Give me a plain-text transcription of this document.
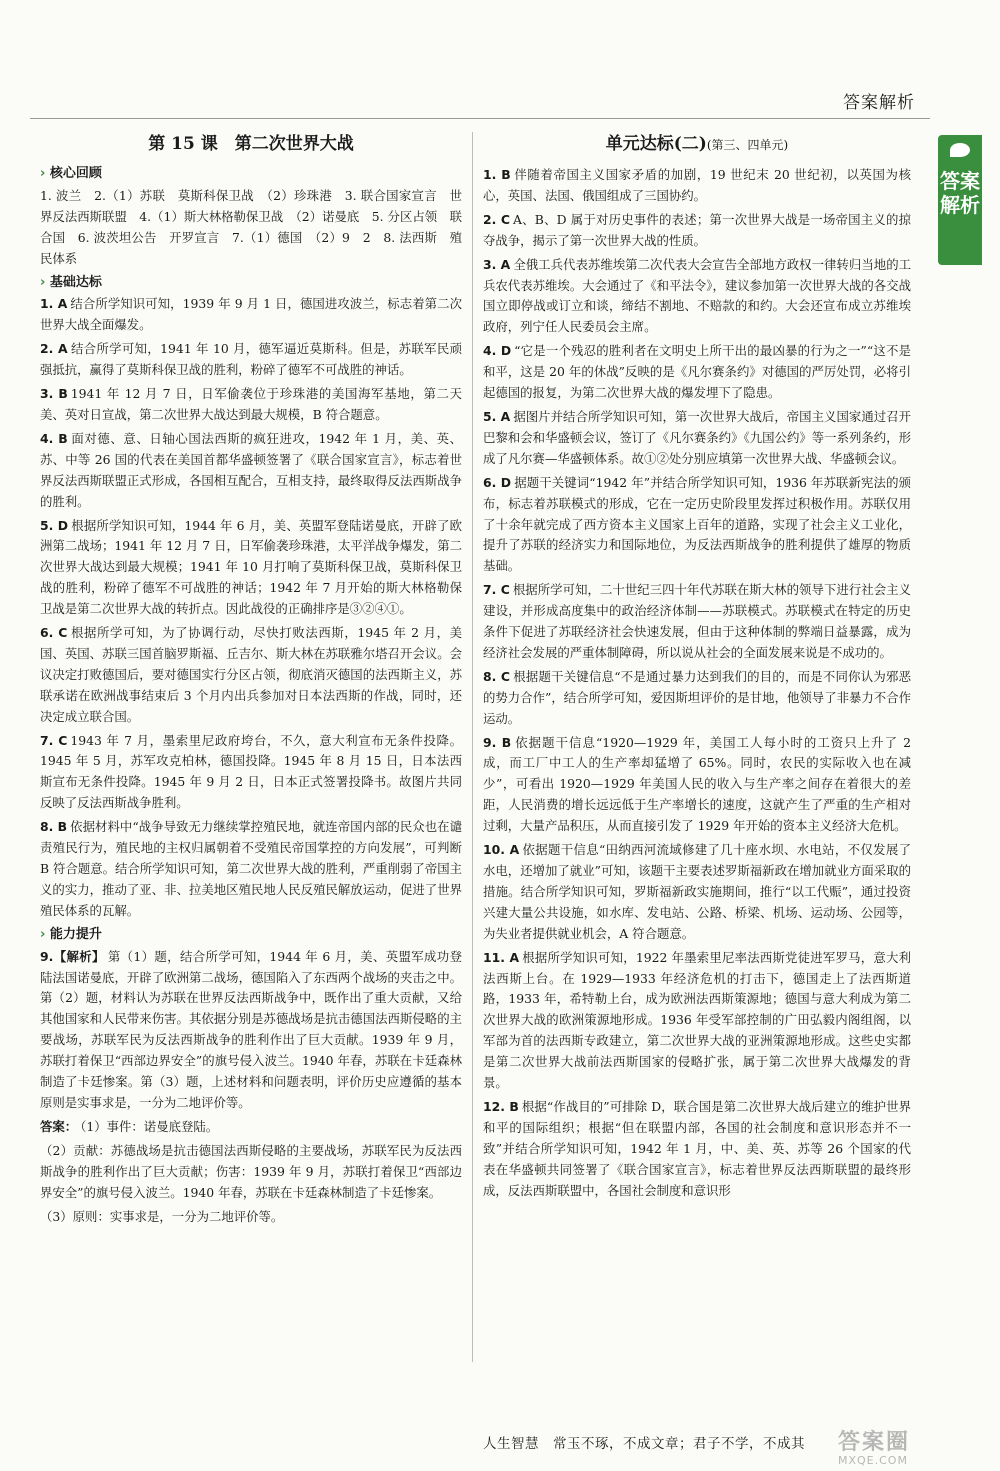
答案解析
答案解析
第 15 课　第二次世界大战
› 核心回顾
1. 波兰　2.（1）苏联　莫斯科保卫战　（2）珍珠港　3. 联合国家宣言　世界反法西斯联盟　4.（1）斯大林格勒保卫战　（2）诺曼底　5. 分区占领　联合国　6. 波茨坦公告　开罗宣言　7.（1）德国　（2）9　2　8. 法西斯　殖民体系
› 基础达标
1. A 结合所学知识可知，1939 年 9 月 1 日，德国进攻波兰，标志着第二次世界大战全面爆发。
2. A 结合所学可知，1941 年 10 月，德军逼近莫斯科。但是，苏联军民顽强抵抗，赢得了莫斯科保卫战的胜利，粉碎了德军不可战胜的神话。
3. B 1941 年 12 月 7 日，日军偷袭位于珍珠港的美国海军基地，第二天美、英对日宣战，第二次世界大战达到最大规模，B 符合题意。
4. B 面对德、意、日轴心国法西斯的疯狂进攻，1942 年 1 月，美、英、苏、中等 26 国的代表在美国首都华盛顿签署了《联合国家宣言》，标志着世界反法西斯联盟正式形成，各国相互配合，互相支持，最终取得反法西斯战争的胜利。
5. D 根据所学知识可知，1944 年 6 月，美、英盟军登陆诺曼底，开辟了欧洲第二战场；1941 年 12 月 7 日，日军偷袭珍珠港，太平洋战争爆发，第二次世界大战达到最大规模；1941 年 10 月打响了莫斯科保卫战，莫斯科保卫战的胜利，粉碎了德军不可战胜的神话；1942 年 7 月开始的斯大林格勒保卫战是第二次世界大战的转折点。因此战役的正确排序是③②④①。
6. C 根据所学可知，为了协调行动，尽快打败法西斯，1945 年 2 月，美国、英国、苏联三国首脑罗斯福、丘吉尔、斯大林在苏联雅尔塔召开会议。会议决定打败德国后，要对德国实行分区占领，彻底消灭德国的法西斯主义，苏联承诺在欧洲战事结束后 3 个月内出兵参加对日本法西斯的作战，同时，还决定成立联合国。
7. C 1943 年 7 月，墨索里尼政府垮台，不久，意大利宣布无条件投降。1945 年 5 月，苏军攻克柏林，德国投降。1945 年 8 月 15 日，日本法西斯宣布无条件投降。1945 年 9 月 2 日，日本正式签署投降书。故图片共同反映了反法西斯战争胜利。
8. B 依据材料中“战争导致无力继续掌控殖民地，就连帝国内部的民众也在谴责殖民行为，殖民地的主权归属朝着不受殖民帝国掌控的方向发展”，可判断 B 符合题意。结合所学知识可知，第二次世界大战的胜利，严重削弱了帝国主义的实力，推动了亚、非、拉美地区殖民地人民反殖民解放运动，促进了世界殖民体系的瓦解。
› 能力提升
9.【解析】 第（1）题，结合所学可知，1944 年 6 月，美、英盟军成功登陆法国诺曼底，开辟了欧洲第二战场，德国陷入了东西两个战场的夹击之中。第（2）题，材料认为苏联在世界反法西斯战争中，既作出了重大贡献，又给其他国家和人民带来伤害。其依据分别是苏德战场是抗击德国法西斯侵略的主要战场，苏联军民为反法西斯战争的胜利作出了巨大贡献。1939 年 9 月，苏联打着保卫“西部边界安全”的旗号侵入波兰。1940 年春，苏联在卡廷森林制造了卡廷惨案。第（3）题，上述材料和问题表明，评价历史应遵循的基本原则是实事求是，一分为二地评价等。
答案： （1）事件：诺曼底登陆。
（2）贡献：苏德战场是抗击德国法西斯侵略的主要战场，苏联军民为反法西斯战争的胜利作出了巨大贡献；伤害：1939 年 9 月，苏联打着保卫“西部边界安全”的旗号侵入波兰。1940 年春，苏联在卡廷森林制造了卡廷惨案。
（3）原则：实事求是，一分为二地评价等。
单元达标(二)(第三、四单元)
1. B 伴随着帝国主义国家矛盾的加剧，19 世纪末 20 世纪初，以英国为核心，英国、法国、俄国组成了三国协约。
2. C A、B、D 属于对历史事件的表述；第一次世界大战是一场帝国主义的掠夺战争，揭示了第一次世界大战的性质。
3. A 全俄工兵代表苏维埃第二次代表大会宣告全部地方政权一律转归当地的工兵农代表苏维埃。大会通过了《和平法令》，建议参加第一次世界大战的各交战国立即停战或订立和谈，缔结不割地、不赔款的和约。大会还宣布成立苏维埃政府，列宁任人民委员会主席。
4. D “它是一个残忍的胜利者在文明史上所干出的最凶暴的行为之一”“这不是和平，这是 20 年的休战”反映的是《凡尔赛条约》对德国的严厉处罚，必将引起德国的报复，为第二次世界大战的爆发埋下了隐患。
5. A 据图片并结合所学知识可知，第一次世界大战后，帝国主义国家通过召开巴黎和会和华盛顿会议，签订了《凡尔赛条约》《九国公约》等一系列条约，形成了凡尔赛—华盛顿体系。故①②处分别应填第一次世界大战、华盛顿会议。
6. D 据题干关键词“1942 年”并结合所学知识可知，1936 年苏联新宪法的颁布，标志着苏联模式的形成，它在一定历史阶段里发挥过积极作用。苏联仅用了十余年就完成了西方资本主义国家上百年的道路，实现了社会主义工业化，提升了苏联的经济实力和国际地位，为反法西斯战争的胜利提供了雄厚的物质基础。
7. C 根据所学可知，二十世纪三四十年代苏联在斯大林的领导下进行社会主义建设，并形成高度集中的政治经济体制——苏联模式。苏联模式在特定的历史条件下促进了苏联经济社会快速发展，但由于这种体制的弊端日益暴露，成为经济社会发展的严重体制障碍，所以说从社会的全面发展来说是不成功的。
8. C 根据题干关键信息“不是通过暴力达到我们的目的，而是不同你认为邪恶的势力合作”，结合所学可知，爱因斯坦评价的是甘地，他领导了非暴力不合作运动。
9. B 依据题干信息“1920—1929 年，美国工人每小时的工资只上升了 2 成，而工厂中工人的生产率却猛增了 65%。同时，农民的实际收入也在减少”，可看出 1920—1929 年美国人民的收入与生产率之间存在着很大的差距，人民消费的增长远远低于生产率增长的速度，这就产生了严重的生产相对过剩，大量产品积压，从而直接引发了 1929 年开始的资本主义经济大危机。
10. A 依据题干信息“田纳西河流域修建了几十座水坝、水电站，不仅发展了水电，还增加了就业”可知，该题干主要表述罗斯福新政在增加就业方面采取的措施。结合所学知识可知，罗斯福新政实施期间，推行“以工代赈”，通过投资兴建大量公共设施，如水库、发电站、公路、桥梁、机场、运动场、公园等，为失业者提供就业机会，A 符合题意。
11. A 根据所学知识可知，1922 年墨索里尼率法西斯党徒进军罗马，意大利法西斯上台。在 1929—1933 年经济危机的打击下，德国走上了法西斯道路，1933 年，希特勒上台，成为欧洲法西斯策源地；德国与意大利成为第二次世界大战的欧洲策源地形成。1936 年受军部控制的广田弘毅内阁组阁，以军部为首的法西斯专政建立，第二次世界大战的亚洲策源地形成。这些史实都是第二次世界大战前法西斯国家的侵略扩张，属于第二次世界大战爆发的背景。
12. B 根据“作战目的”可排除 D，联合国是第二次世界大战后建立的维护世界和平的国际组织；根据“但在联盟内部，各国的社会制度和意识形态并不一致”并结合所学知识可知，1942 年 1 月，中、美、英、苏等 26 个国家的代表在华盛顿共同签署了《联合国家宣言》，标志着世界反法西斯联盟的最终形成，反法西斯联盟中，各国社会制度和意识形
人生智慧　常玉不琢，不成文章；君子不学，不成其 答案圈
MXQE.COM
